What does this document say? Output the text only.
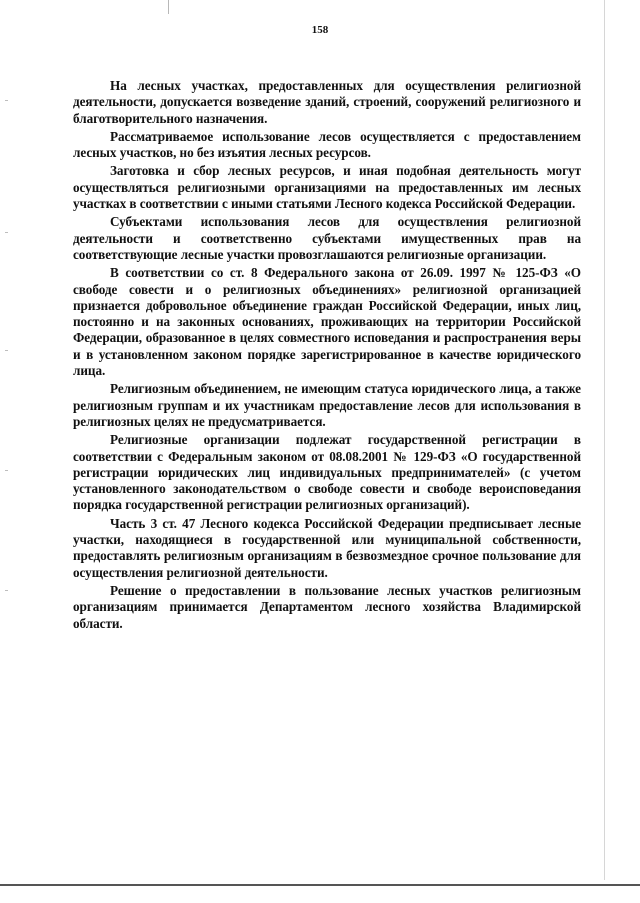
158

На лесных участках, предоставленных для осуществления религиозной деятельности, допускается возведение зданий, строений, сооружений религиозного и благотворительного назначения.

Рассматриваемое использование лесов осуществляется с предоставлением лесных участков, но без изъятия лесных ресурсов.

Заготовка и сбор лесных ресурсов, и иная подобная деятельность могут осуществляться религиозными организациями на предоставленных им лесных участках в соответствии с иными статьями Лесного кодекса Российской Федерации.

Субъектами использования лесов для осуществления религиозной деятельности и соответственно субъектами имущественных прав на соответствующие лесные участки провозглашаются религиозные организации.

В соответствии со ст. 8 Федерального закона от 26.09. 1997 № 125-ФЗ «О свободе совести и о религиозных объединениях» религиозной организацией признается добровольное объединение граждан Российской Федерации, иных лиц, постоянно и на законных основаниях, проживающих на территории Российской Федерации, образованное в целях совместного исповедания и распространения веры и в установленном законом порядке зарегистрированное в качестве юридического лица.

Религиозным объединением, не имеющим статуса юридического лица, а также религиозным группам и их участникам предоставление лесов для использования в религиозных целях не предусматривается.

Религиозные организации подлежат государственной регистрации в соответствии с Федеральным законом от 08.08.2001 № 129-ФЗ «О государственной регистрации юридических лиц индивидуальных предпринимателей» (с учетом установленного законодательством о свободе совести и свободе вероисповедания порядка государственной регистрации религиозных организаций).

Часть 3 ст. 47 Лесного кодекса Российской Федерации предписывает лесные участки, находящиеся в государственной или муниципальной собственности, предоставлять религиозным организациям в безвозмездное срочное пользование для осуществления религиозной деятельности.

Решение о предоставлении в пользование лесных участков религиозным организациям принимается Департаментом лесного хозяйства Владимирской области.
